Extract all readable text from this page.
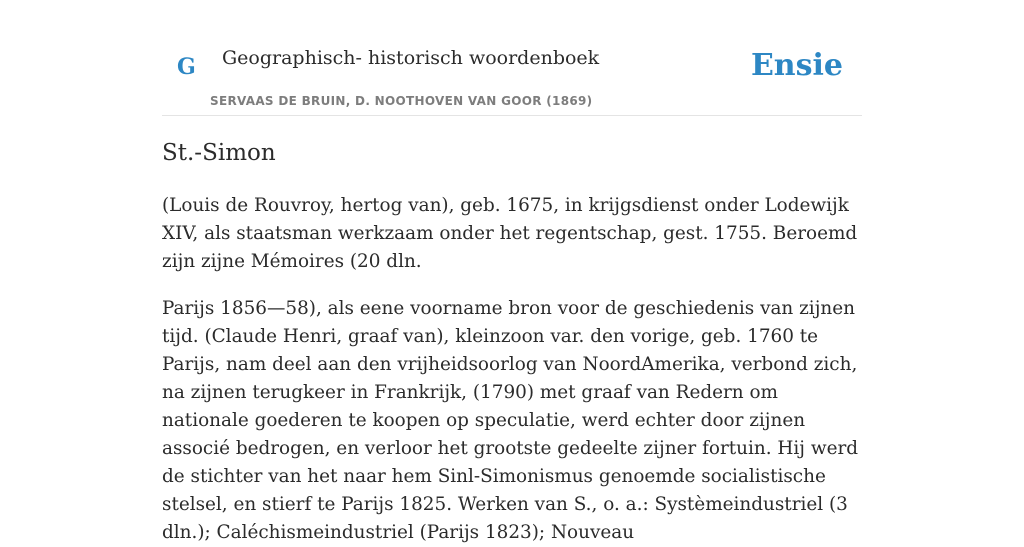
G Geographisch- historisch woordenboek
SERVAAS DE BRUIN, D. NOOTHOVEN VAN GOOR (1869)
Ensie
St.-Simon

(Louis de Rouvroy, hertog van), geb. 1675, in krijgsdienst onder Lodewijk XIV, als staatsman werkzaam onder het regentschap, gest. 1755. Beroemd zijn zijne Mémoires (20 dln.

Parijs 1856—58), als eene voorname bron voor de geschiedenis van zijnen tijd. (Claude Henri, graaf van), kleinzoon var. den vorige, geb. 1760 te Parijs, nam deel aan den vrijheidsoorlog van NoordAmerika, verbond zich, na zijnen terugkeer in Frankrijk, (1790) met graaf van Redern om nationale goederen te koopen op speculatie, werd echter door zijnen associé bedrogen, en verloor het grootste gedeelte zijner fortuin. Hij werd de stichter van het naar hem Sinl-Simonismus genoemde socialistische stelsel, en stierf te Parijs 1825. Werken van S., o. a.: Systèmeindustriel (3 dln.); Caléchismeindustriel (Parijs 1823); Nouveau
